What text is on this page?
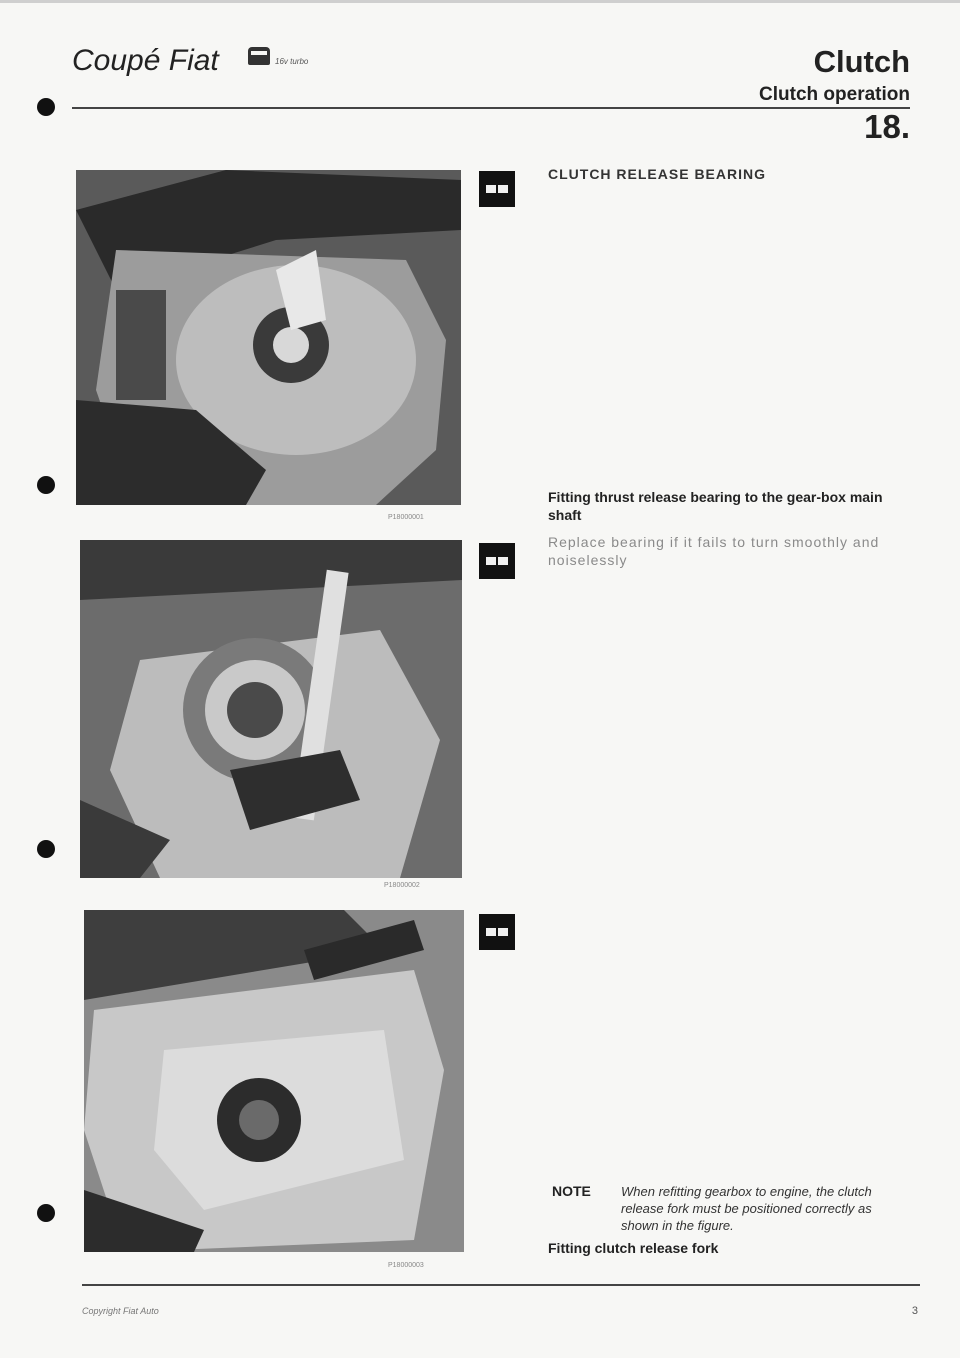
Coupé Fiat	16v turbo	Clutch
Clutch operation
18.
P18000001
P18000002
P18000003
CLUTCH RELEASE BEARING
Fitting thrust release bearing to the gear-box main shaft
Replace bearing if it fails to turn smoothly and noiselessly
NOTE When refitting gearbox to engine, the clutch release fork must be positioned correctly as shown in the figure.
Fitting clutch release fork
Copyright Fiat Auto	3
